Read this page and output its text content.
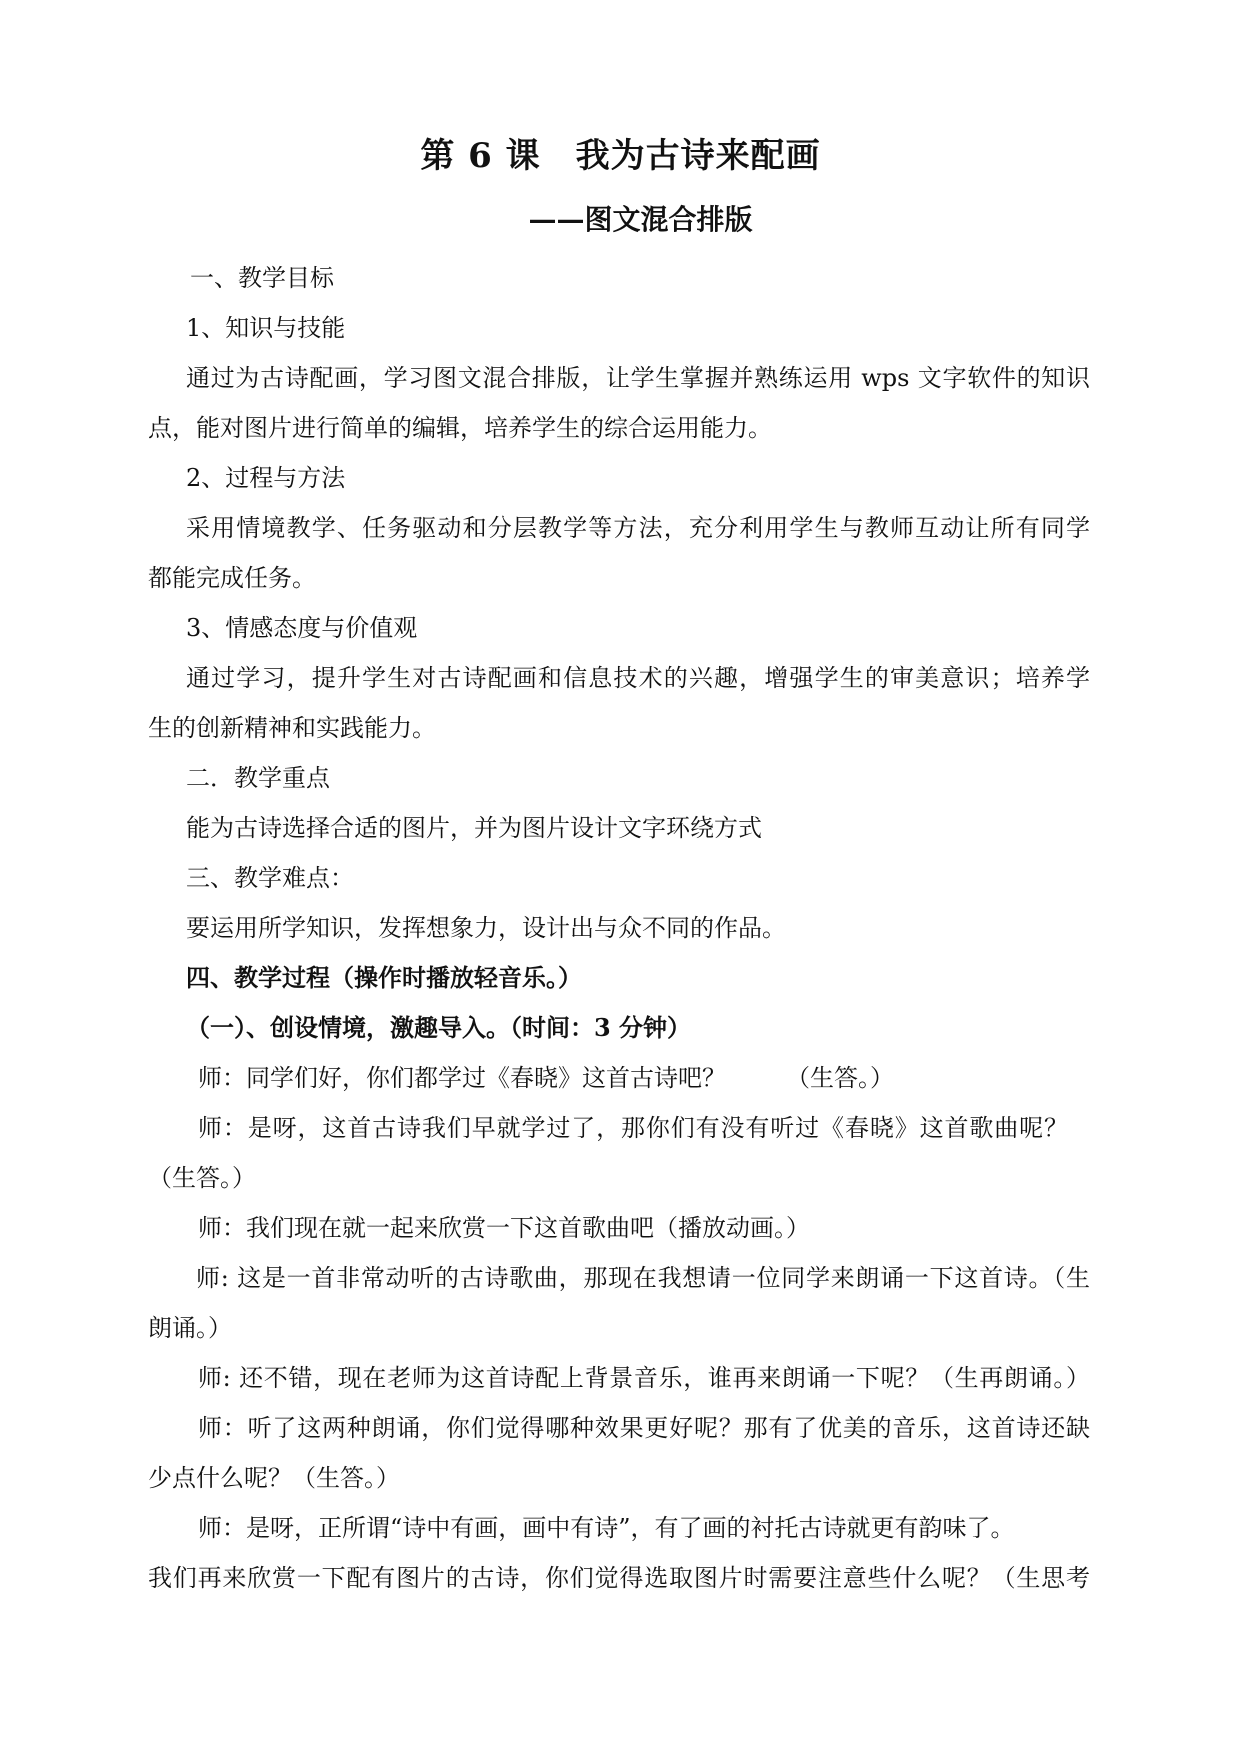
第 6 课　我为古诗来配画
——图文混合排版
一、教学目标
1、知识与技能
通过为古诗配画，学习图文混合排版，让学生掌握并熟练运用 wps 文字软件的知识
点，能对图片进行简单的编辑，培养学生的综合运用能力。
2、过程与方法
采用情境教学、任务驱动和分层教学等方法，充分利用学生与教师互动让所有同学
都能完成任务。
3、情感态度与价值观
通过学习，提升学生对古诗配画和信息技术的兴趣，增强学生的审美意识；培养学
生的创新精神和实践能力。
二．教学重点
能为古诗选择合适的图片，并为图片设计文字环绕方式
三、教学难点：
要运用所学知识，发挥想象力，设计出与众不同的作品。
四、教学过程（操作时播放轻音乐。）
（一）、创设情境，激趣导入。（时间：3 分钟）
师：同学们好，你们都学过《春晓》这首古诗吧？　　　（生答。）
师：是呀，这首古诗我们早就学过了，那你们有没有听过《春晓》这首歌曲呢？
（生答。）
师：我们现在就一起来欣赏一下这首歌曲吧（播放动画。）
师: 这是一首非常动听的古诗歌曲，那现在我想请一位同学来朗诵一下这首诗。（生
朗诵。）
师: 还不错，现在老师为这首诗配上背景音乐，谁再来朗诵一下呢？（生再朗诵。）
师：听了这两种朗诵，你们觉得哪种效果更好呢？那有了优美的音乐，这首诗还缺
少点什么呢？（生答。）
师：是呀，正所谓“诗中有画，画中有诗”，有了画的衬托古诗就更有韵味了。
我们再来欣赏一下配有图片的古诗，你们觉得选取图片时需要注意些什么呢？（生思考
